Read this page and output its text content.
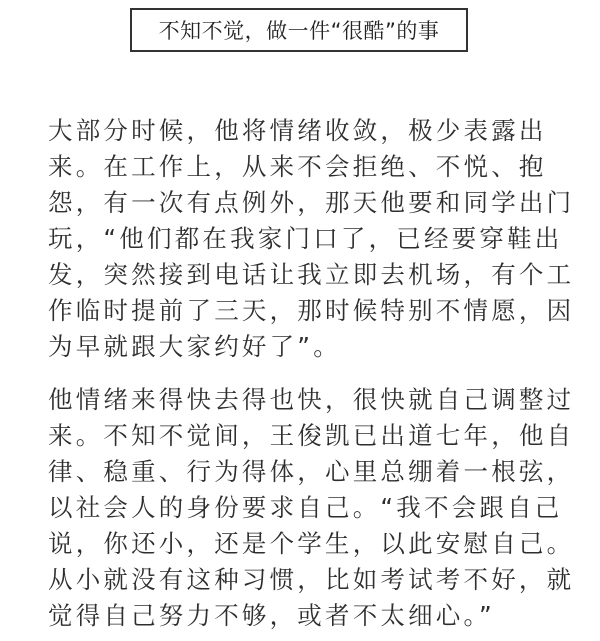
不知不觉，做一件“很酷”的事

大部分时候，他将情绪收敛，极少表露出
来。在工作上，从来不会拒绝、不悦、抱
怨，有一次有点例外，那天他要和同学出门
玩，“他们都在我家门口了，已经要穿鞋出
发，突然接到电话让我立即去机场，有个工
作临时提前了三天，那时候特别不情愿，因
为早就跟大家约好了”。

他情绪来得快去得也快，很快就自己调整过
来。不知不觉间，王俊凯已出道七年，他自
律、稳重、行为得体，心里总绷着一根弦，
以社会人的身份要求自己。“我不会跟自己
说，你还小，还是个学生，以此安慰自己。
从小就没有这种习惯，比如考试考不好，就
觉得自己努力不够，或者不太细心。”
